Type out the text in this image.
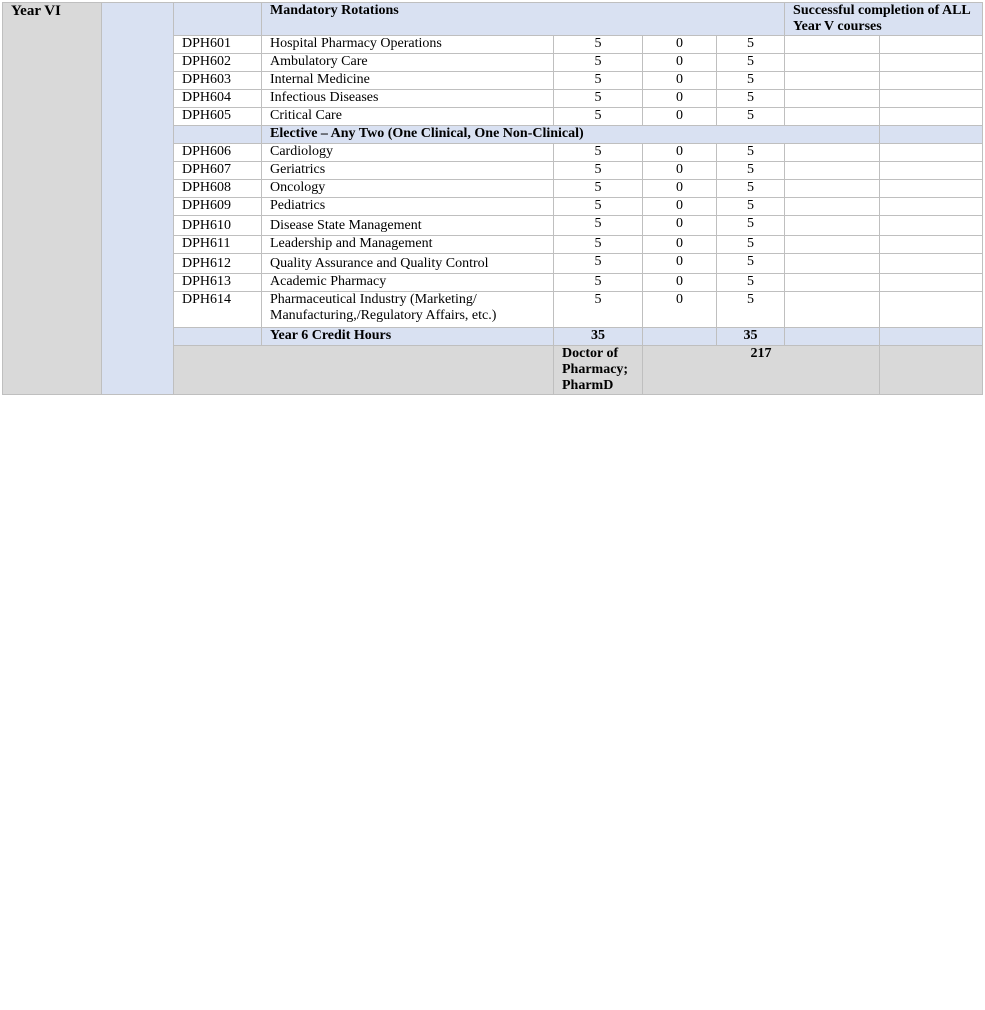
Year VI			Mandatory Rotations				Successful completion of ALL Year V courses		
		DPH601	Hospital Pharmacy Operations	5	0	5			
		DPH602	Ambulatory Care	5	0	5			
		DPH603	Internal Medicine	5	0	5			
		DPH604	Infectious Diseases	5	0	5			
		DPH605	Critical Care	5	0	5			
			Elective – Any Two (One Clinical, One Non-Clinical)						
		DPH606	Cardiology	5	0	5			
		DPH607	Geriatrics	5	0	5			
		DPH608	Oncology	5	0	5			
		DPH609	Pediatrics	5	0	5			
		DPH610	Disease State Management	5	0	5			
		DPH611	Leadership and Management	5	0	5			
		DPH612	Quality Assurance and Quality Control	5	0	5			
		DPH613	Academic Pharmacy	5	0	5			
		DPH614	Pharmaceutical Industry (Marketing/
Manufacturing,/Regulatory Affairs, etc.)	5	0	5			
			Year 6 Credit Hours	35		35			
				Doctor of Pharmacy; PharmD	217				
